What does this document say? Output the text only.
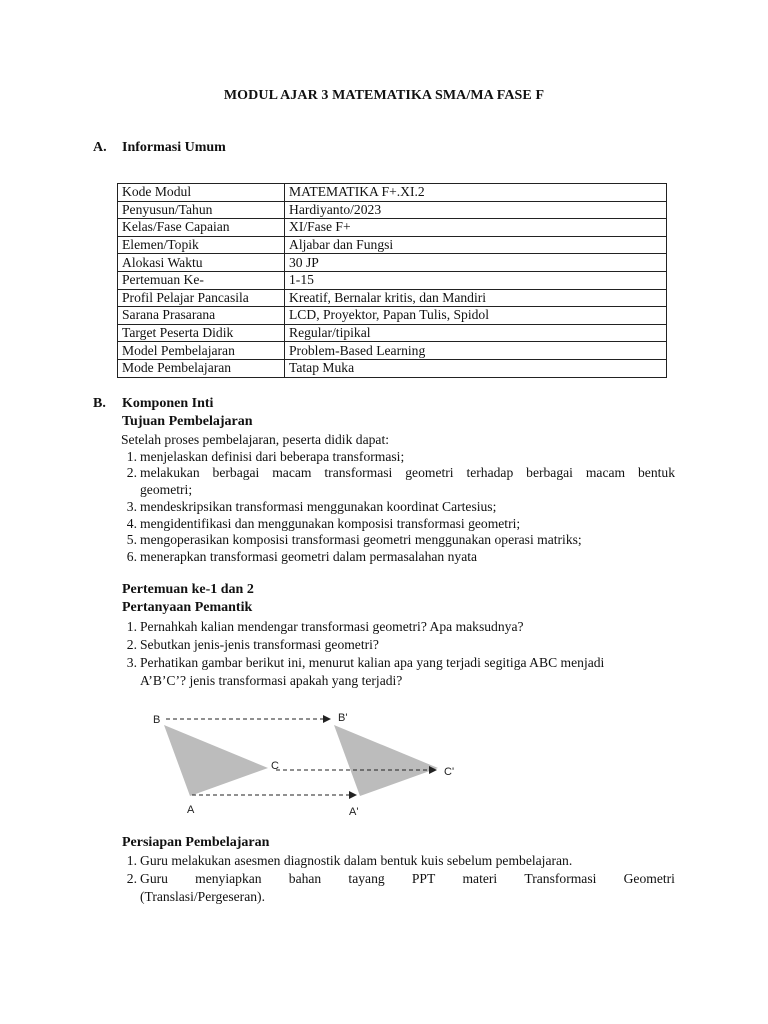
MODUL AJAR 3 MATEMATIKA SMA/MA FASE F
A. Informasi Umum
Kode Modul	MATEMATIKA F+.XI.2
Penyusun/Tahun	Hardiyanto/2023
Kelas/Fase Capaian	XI/Fase F+
Elemen/Topik	Aljabar dan Fungsi
Alokasi Waktu	30 JP
Pertemuan Ke-	1-15
Profil Pelajar Pancasila	Kreatif, Bernalar kritis, dan Mandiri
Sarana Prasarana	LCD, Proyektor, Papan Tulis, Spidol
Target Peserta Didik	Regular/tipikal
Model Pembelajaran	Problem-Based Learning
Mode Pembelajaran	Tatap Muka
B. Komponen Inti
Tujuan Pembelajaran
Setelah proses pembelajaran, peserta didik dapat:
1. menjelaskan definisi dari beberapa transformasi;
2. melakukan berbagai macam transformasi geometri terhadap berbagai macam bentuk
geometri;
3. mendeskripsikan transformasi menggunakan koordinat Cartesius;
4. mengidentifikasi dan menggunakan komposisi transformasi geometri;
5. mengoperasikan komposisi transformasi geometri menggunakan operasi matriks;
6. menerapkan transformasi geometri dalam permasalahan nyata
Pertemuan ke-1 dan 2
Pertanyaan Pemantik
1. Pernahkah kalian mendengar transformasi geometri? Apa maksudnya?
2. Sebutkan jenis-jenis transformasi geometri?
3. Perhatikan gambar berikut ini, menurut kalian apa yang terjadi segitiga ABC menjadi
A’B’C’? jenis transformasi apakah yang terjadi?
B
C
A
B'
C'
A'
Persiapan Pembelajaran
1. Guru melakukan asesmen diagnostik dalam bentuk kuis sebelum pembelajaran.
2. Guru menyiapkan bahan tayang PPT materi Transformasi Geometri
(Translasi/Pergeseran).
